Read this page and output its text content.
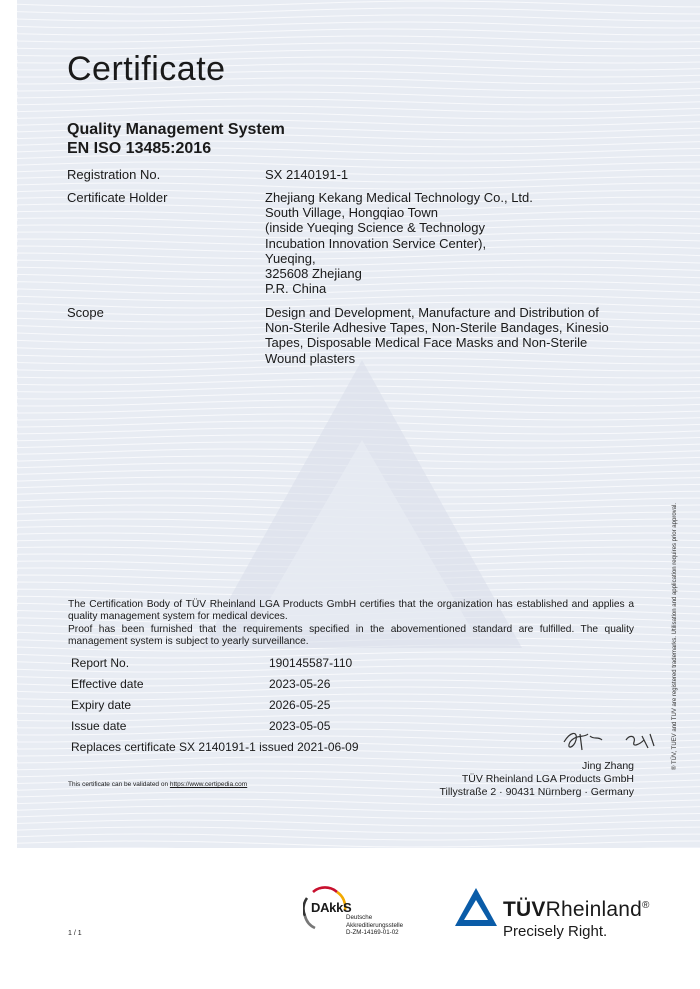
Certificate
Quality Management System
EN ISO 13485:2016
Registration No.	SX 2140191-1
Certificate Holder	Zhejiang Kekang Medical Technology Co., Ltd.
South Village, Hongqiao Town
(inside Yueqing Science & Technology
Incubation Innovation Service Center),
Yueqing,
325608 Zhejiang
P.R. China
Scope	Design and Development, Manufacture and Distribution of
Non-Sterile Adhesive Tapes, Non-Sterile Bandages, Kinesio
Tapes, Disposable Medical Face Masks and Non-Sterile
Wound plasters
The Certification Body of TÜV Rheinland LGA Products GmbH certifies that the organization has established and applies a quality management system for medical devices.
Proof has been furnished that the requirements specified in the abovementioned standard are fulfilled. The quality management system is subject to yearly surveillance.
Report No.	190145587-110
Effective date	2023-05-26
Expiry date	2026-05-25
Issue date	2023-05-05
Replaces certificate SX 2140191-1 issued 2021-06-09
Jing Zhang
TÜV Rheinland LGA Products GmbH
Tillystraße 2 · 90431 Nürnberg · Germany
This certificate can be validated on https://www.certipedia.com
® TÜV, TUEV and TUV are registered trademarks. Utilisation and application requires prior approval.
1 / 1
DAkkS
Deutsche
Akkreditierungsstelle
D-ZM-14169-01-02
TÜVRheinland®
Precisely Right.
